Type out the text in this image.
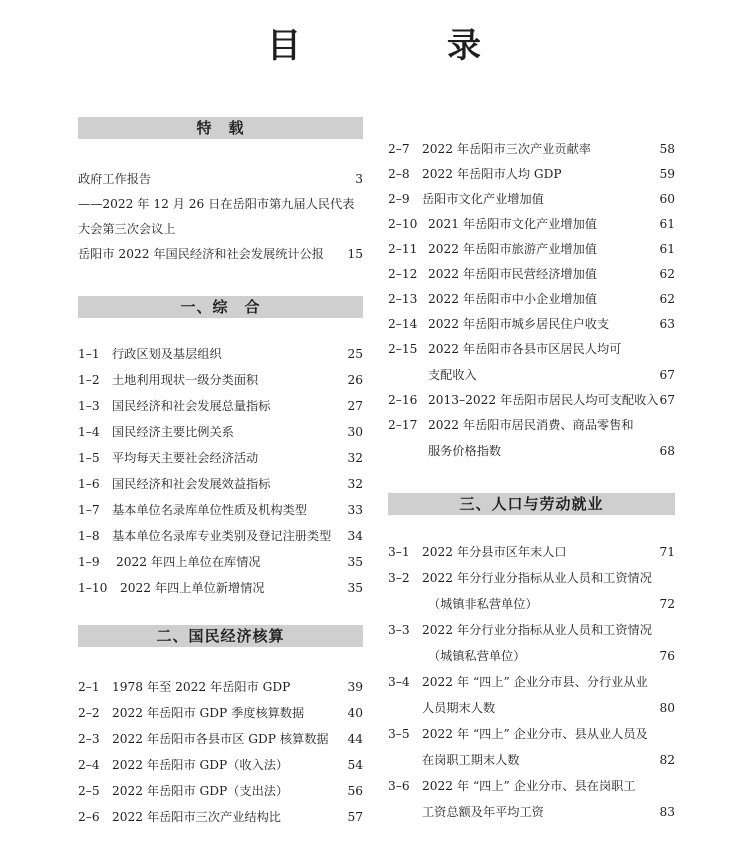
目　录
特　载
政府工作报告	3
——2022 年 12 月 26 日在岳阳市第九届人民代表
大会第三次会议上
岳阳市 2022 年国民经济和社会发展统计公报 15
一、综　合
1–1 行政区划及基层组织	25
1–2 土地利用现状一级分类面积	26
1–3 国民经济和社会发展总量指标	27
1–4 国民经济主要比例关系	30
1–5 平均每天主要社会经济活动	32
1–6 国民经济和社会发展效益指标	32
1–7 基本单位名录库单位性质及机构类型	33
1–8 基本单位名录库专业类别及登记注册类型 34
1–9 2022 年四上单位在库情况	35
1–10 2022 年四上单位新增情况	35
二、国民经济核算
2–1 1978 年至 2022 年岳阳市 GDP	39
2–2 2022 年岳阳市 GDP 季度核算数据	40
2–3 2022 年岳阳市各县市区 GDP 核算数据 44
2–4 2022 年岳阳市 GDP（收入法）	54
2–5 2022 年岳阳市 GDP（支出法）	56
2–6 2022 年岳阳市三次产业结构比	57
2–7 2022 年岳阳市三次产业贡献率	58
2–8 2022 年岳阳市人均 GDP	59
2–9 岳阳市文化产业增加值	60
2–10 2021 年岳阳市文化产业增加值	61
2–11 2022 年岳阳市旅游产业增加值	61
2–12 2022 年岳阳市民营经济增加值	62
2–13 2022 年岳阳市中小企业增加值	62
2–14 2022 年岳阳市城乡居民住户收支	63
2–15 2022 年岳阳市各县市区居民人均可
支配收入	67
2–16 2013–2022 年岳阳市居民人均可支配收入 67
2–17 2022 年岳阳市居民消费、商品零售和
服务价格指数	68
三、人口与劳动就业
3–1 2022 年分县市区年末人口	71
3–2 2022 年分行业分指标从业人员和工资情况
（城镇非私营单位）	72
3–3 2022 年分行业分指标从业人员和工资情况
（城镇私营单位）	76
3–4 2022 年 “四上” 企业分市县、分行业从业
人员期末人数	80
3–5 2022 年 “四上” 企业分市、县从业人员及
在岗职工期末人数	82
3–6 2022 年 “四上” 企业分市、县在岗职工
工资总额及年平均工资	83
